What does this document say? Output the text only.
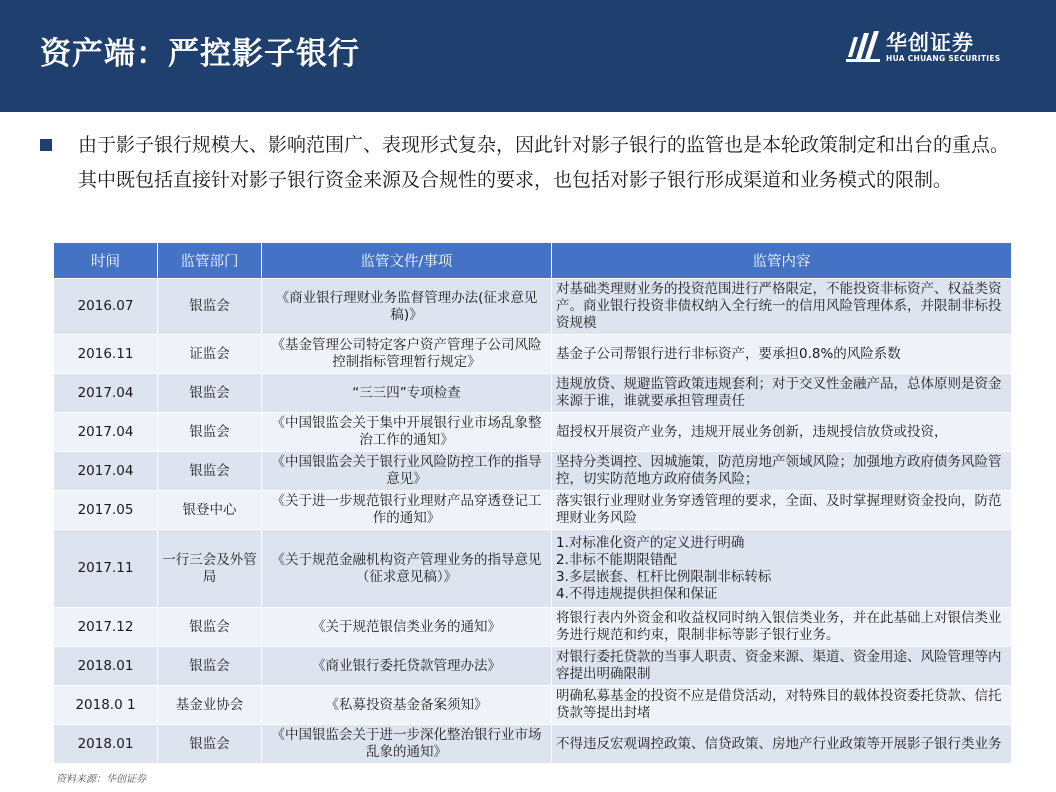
资产端：严控影子银行	华创证券
HUA CHUANG SECURITIES
由于影子银行规模大、影响范围广、表现形式复杂，因此针对影子银行的监管也是本轮政策制定和出台的重点。其中既包括直接针对影子银行资金来源及合规性的要求，也包括对影子银行形成渠道和业务模式的限制。
时间	监管部门	监管文件/事项	监管内容
2016.07	银监会	《商业银行理财业务监督管理办法(征求意见稿)》	对基础类理财业务的投资范围进行严格限定，不能投资非标资产、权益类资产。商业银行投资非债权纳入全行统一的信用风险管理体系，并限制非标投资规模
2016.11	证监会	《基金管理公司特定客户资产管理子公司风险控制指标管理暂行规定》	基金子公司帮银行进行非标资产，要承担0.8%的风险系数
2017.04	银监会	“三三四”专项检查	违规放贷、规避监管政策违规套利；对于交叉性金融产品，总体原则是资金来源于谁，谁就要承担管理责任
2017.04	银监会	《中国银监会关于集中开展银行业市场乱象整治工作的通知》	超授权开展资产业务，违规开展业务创新，违规授信放贷或投资，
2017.04	银监会	《中国银监会关于银行业风险防控工作的指导意见》	坚持分类调控、因城施策，防范房地产领域风险；加强地方政府债务风险管控，切实防范地方政府债务风险；
2017.05	银登中心	《关于进一步规范银行业理财产品穿透登记工作的通知》	落实银行业理财业务穿透管理的要求，全面、及时掌握理财资金投向，防范理财业务风险
2017.11	一行三会及外管局	《关于规范金融机构资产管理业务的指导意见（征求意见稿）》	1.对标准化资产的定义进行明确
2.非标不能期限错配
3.多层嵌套、杠杆比例限制非标转标
4.不得违规提供担保和保证

2017.12	银监会	《关于规范银信类业务的通知》	将银行表内外资金和收益权同时纳入银信类业务，并在此基础上对银信类业务进行规范和约束，限制非标等影子银行业务。
2018.01	银监会	《商业银行委托贷款管理办法》	对银行委托贷款的当事人职责、资金来源、渠道、资金用途、风险管理等内容提出明确限制
2018.0 1	基金业协会	《私募投资基金备案须知》	明确私募基金的投资不应是借贷活动，对特殊目的载体投资委托贷款、信托贷款等提出封堵
2018.01	银监会	《中国银监会关于进一步深化整治银行业市场乱象的通知》	不得违反宏观调控政策、信贷政策、房地产行业政策等开展影子银行类业务
资料来源：华创证券
